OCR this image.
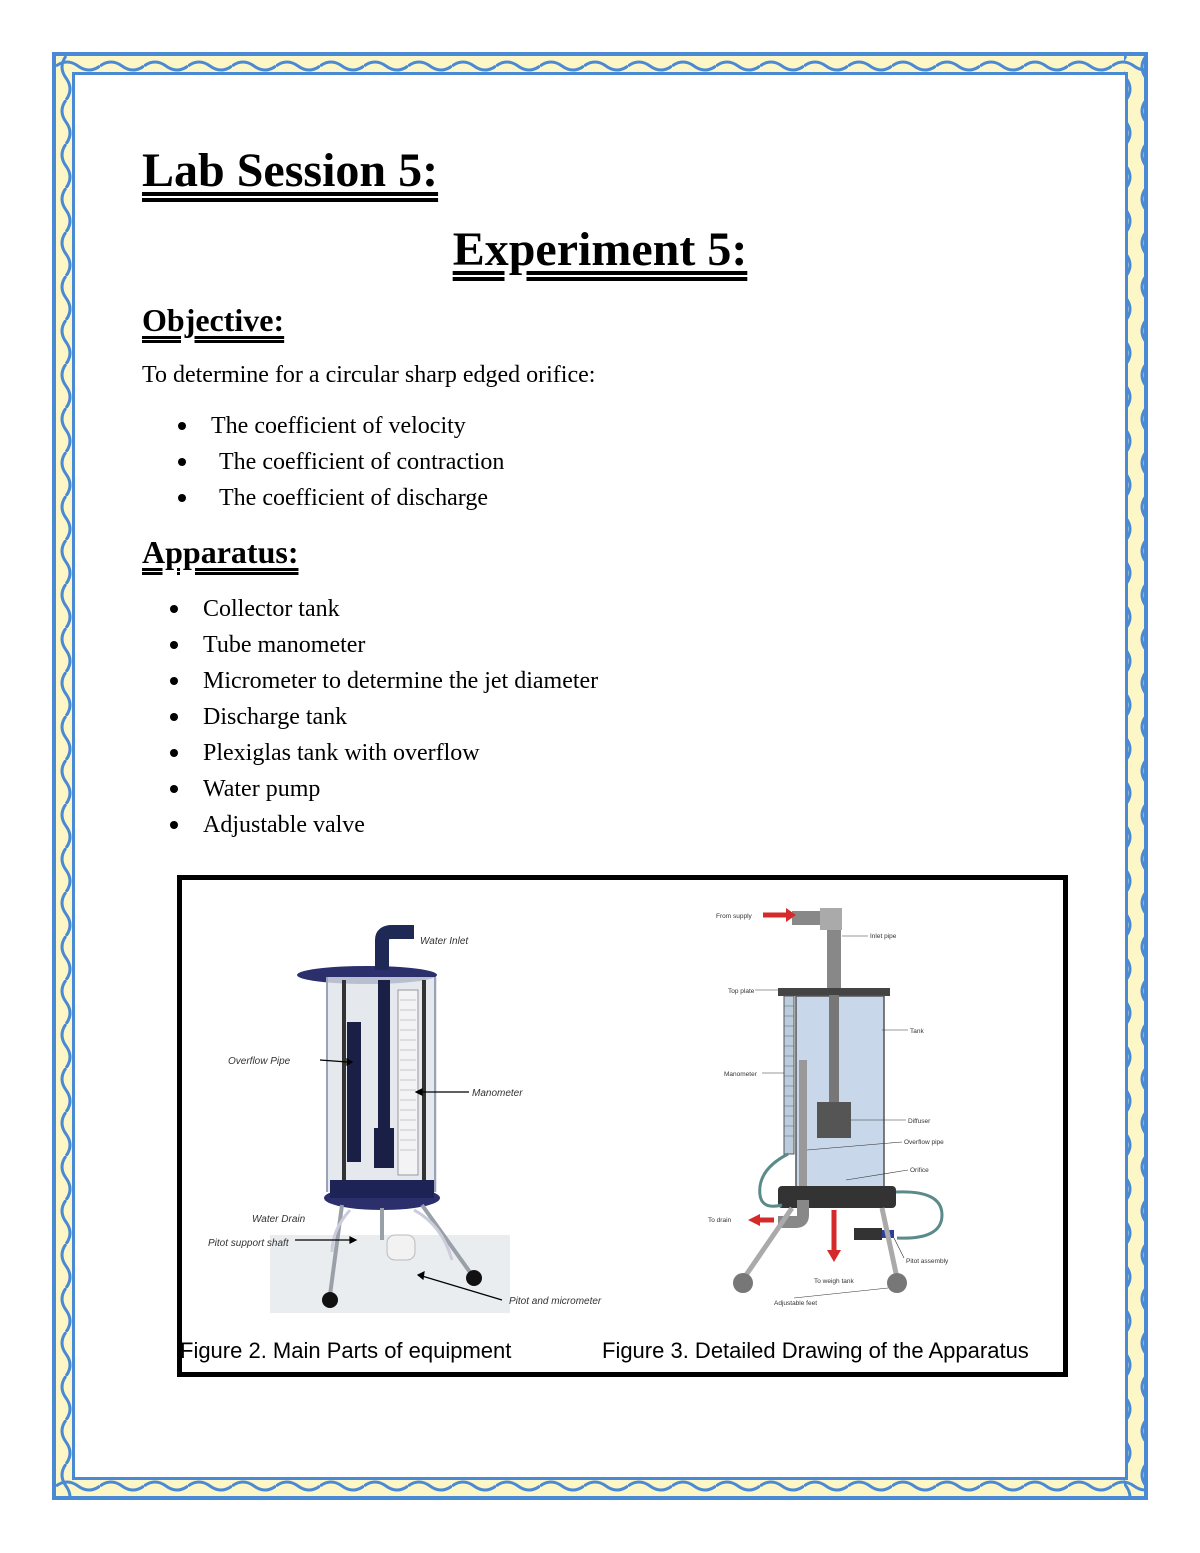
Lab Session 5:
Experiment 5:
Objective:

To determine for a circular sharp edged orifice:

The coefficient of velocity
The coefficient of contraction
The coefficient of discharge
Apparatus:
Collector tank
Tube manometer
Micrometer to determine the jet diameter
Discharge tank
Plexiglas tank with overflow
Water pump
Adjustable valve
Water Inlet
Overflow Pipe
Manometer
Water Drain
Pitot support shaft
Pitot and micrometer
From supply
Inlet pipe
Top plate
Tank
Manometer
Diffuser
Overflow pipe
Orifice
To drain
Pitot assembly
To weigh tank
Adjustable feet
Figure 2. Main Parts of equipment	Figure 3. Detailed Drawing of the Apparatus
